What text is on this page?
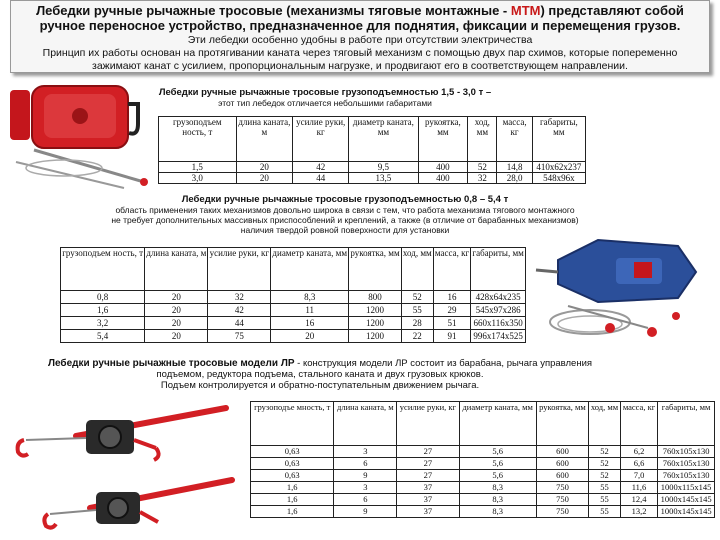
Лебедки ручные рычажные тросовые (механизмы тяговые монтажные - МТМ) представляют собой ручное переносное устройство, предназначенное для поднятия, фиксации и перемещения грузов.
Эти лебедки особенно удобны в работе при отсутствии электричества
Принцип их работы основан на протягивании каната через тяговый механизм с помощью двух пар схимов, которые попеременно зажимают канат с усилием, пропорциональным нагрузке, и продвигают его в соответствующем направлении.
Лебедки ручные рычажные тросовые грузоподъемностью 1,5 - 3,0 т –
этот тип лебедок отличается небольшими габаритами
грузоподъем ность, т	длина каната, м	усилие руки, кг	диаметр каната, мм	рукоятка, мм	ход, мм	масса, кг	габариты, мм
1,5	20	42	9,5	400	52	14,8	410х62х237
3,0	20	44	13,5	400	32	28,0	548х96х
Лебедки ручные рычажные тросовые грузоподъемностью 0,8 – 5,4 т
область применения таких механизмов довольно широка в связи с тем, что работа механизма тягового монтажного не требует дополнительных массивных приспособлений и креплений, а также (в отличие от барабанных механизмов) наличия твердой ровной поверхности для установки
грузоподъем ность, т	длина каната, м	усилие руки, кг	диаметр каната, мм	рукоятка, мм	ход, мм	масса, кг	габариты, мм
0,8	20	32	8,3	800	52	16	428х64х235
1,6	20	42	11	1200	55	29	545х97х286
3,2	20	44	16	1200	28	51	660х116х350
5,4	20	75	20	1200	22	91	996х174х525
Лебедки ручные рычажные тросовые модели ЛР - конструкция модели ЛР состоит из барабана, рычага управления подъемом, редуктора подъема, стального каната и двух грузовых крюков.
Подъем контролируется и обратно-поступательным движением рычага.
грузоподъе мность, т	длина каната, м	усилие руки, кг	диаметр каната, мм	рукоятка, мм	ход, мм	масса, кг	габариты, мм
0,63	3	27	5,6	600	52	6,2	760х105х130
0,63	6	27	5,6	600	52	6,6	760х105х130
0,63	9	27	5,6	600	52	7,0	760х105х130
1,6	3	37	8,3	750	55	11,6	1000х115х145
1,6	6	37	8,3	750	55	12,4	1000х145х145
1,6	9	37	8,3	750	55	13,2	1000х145х145
